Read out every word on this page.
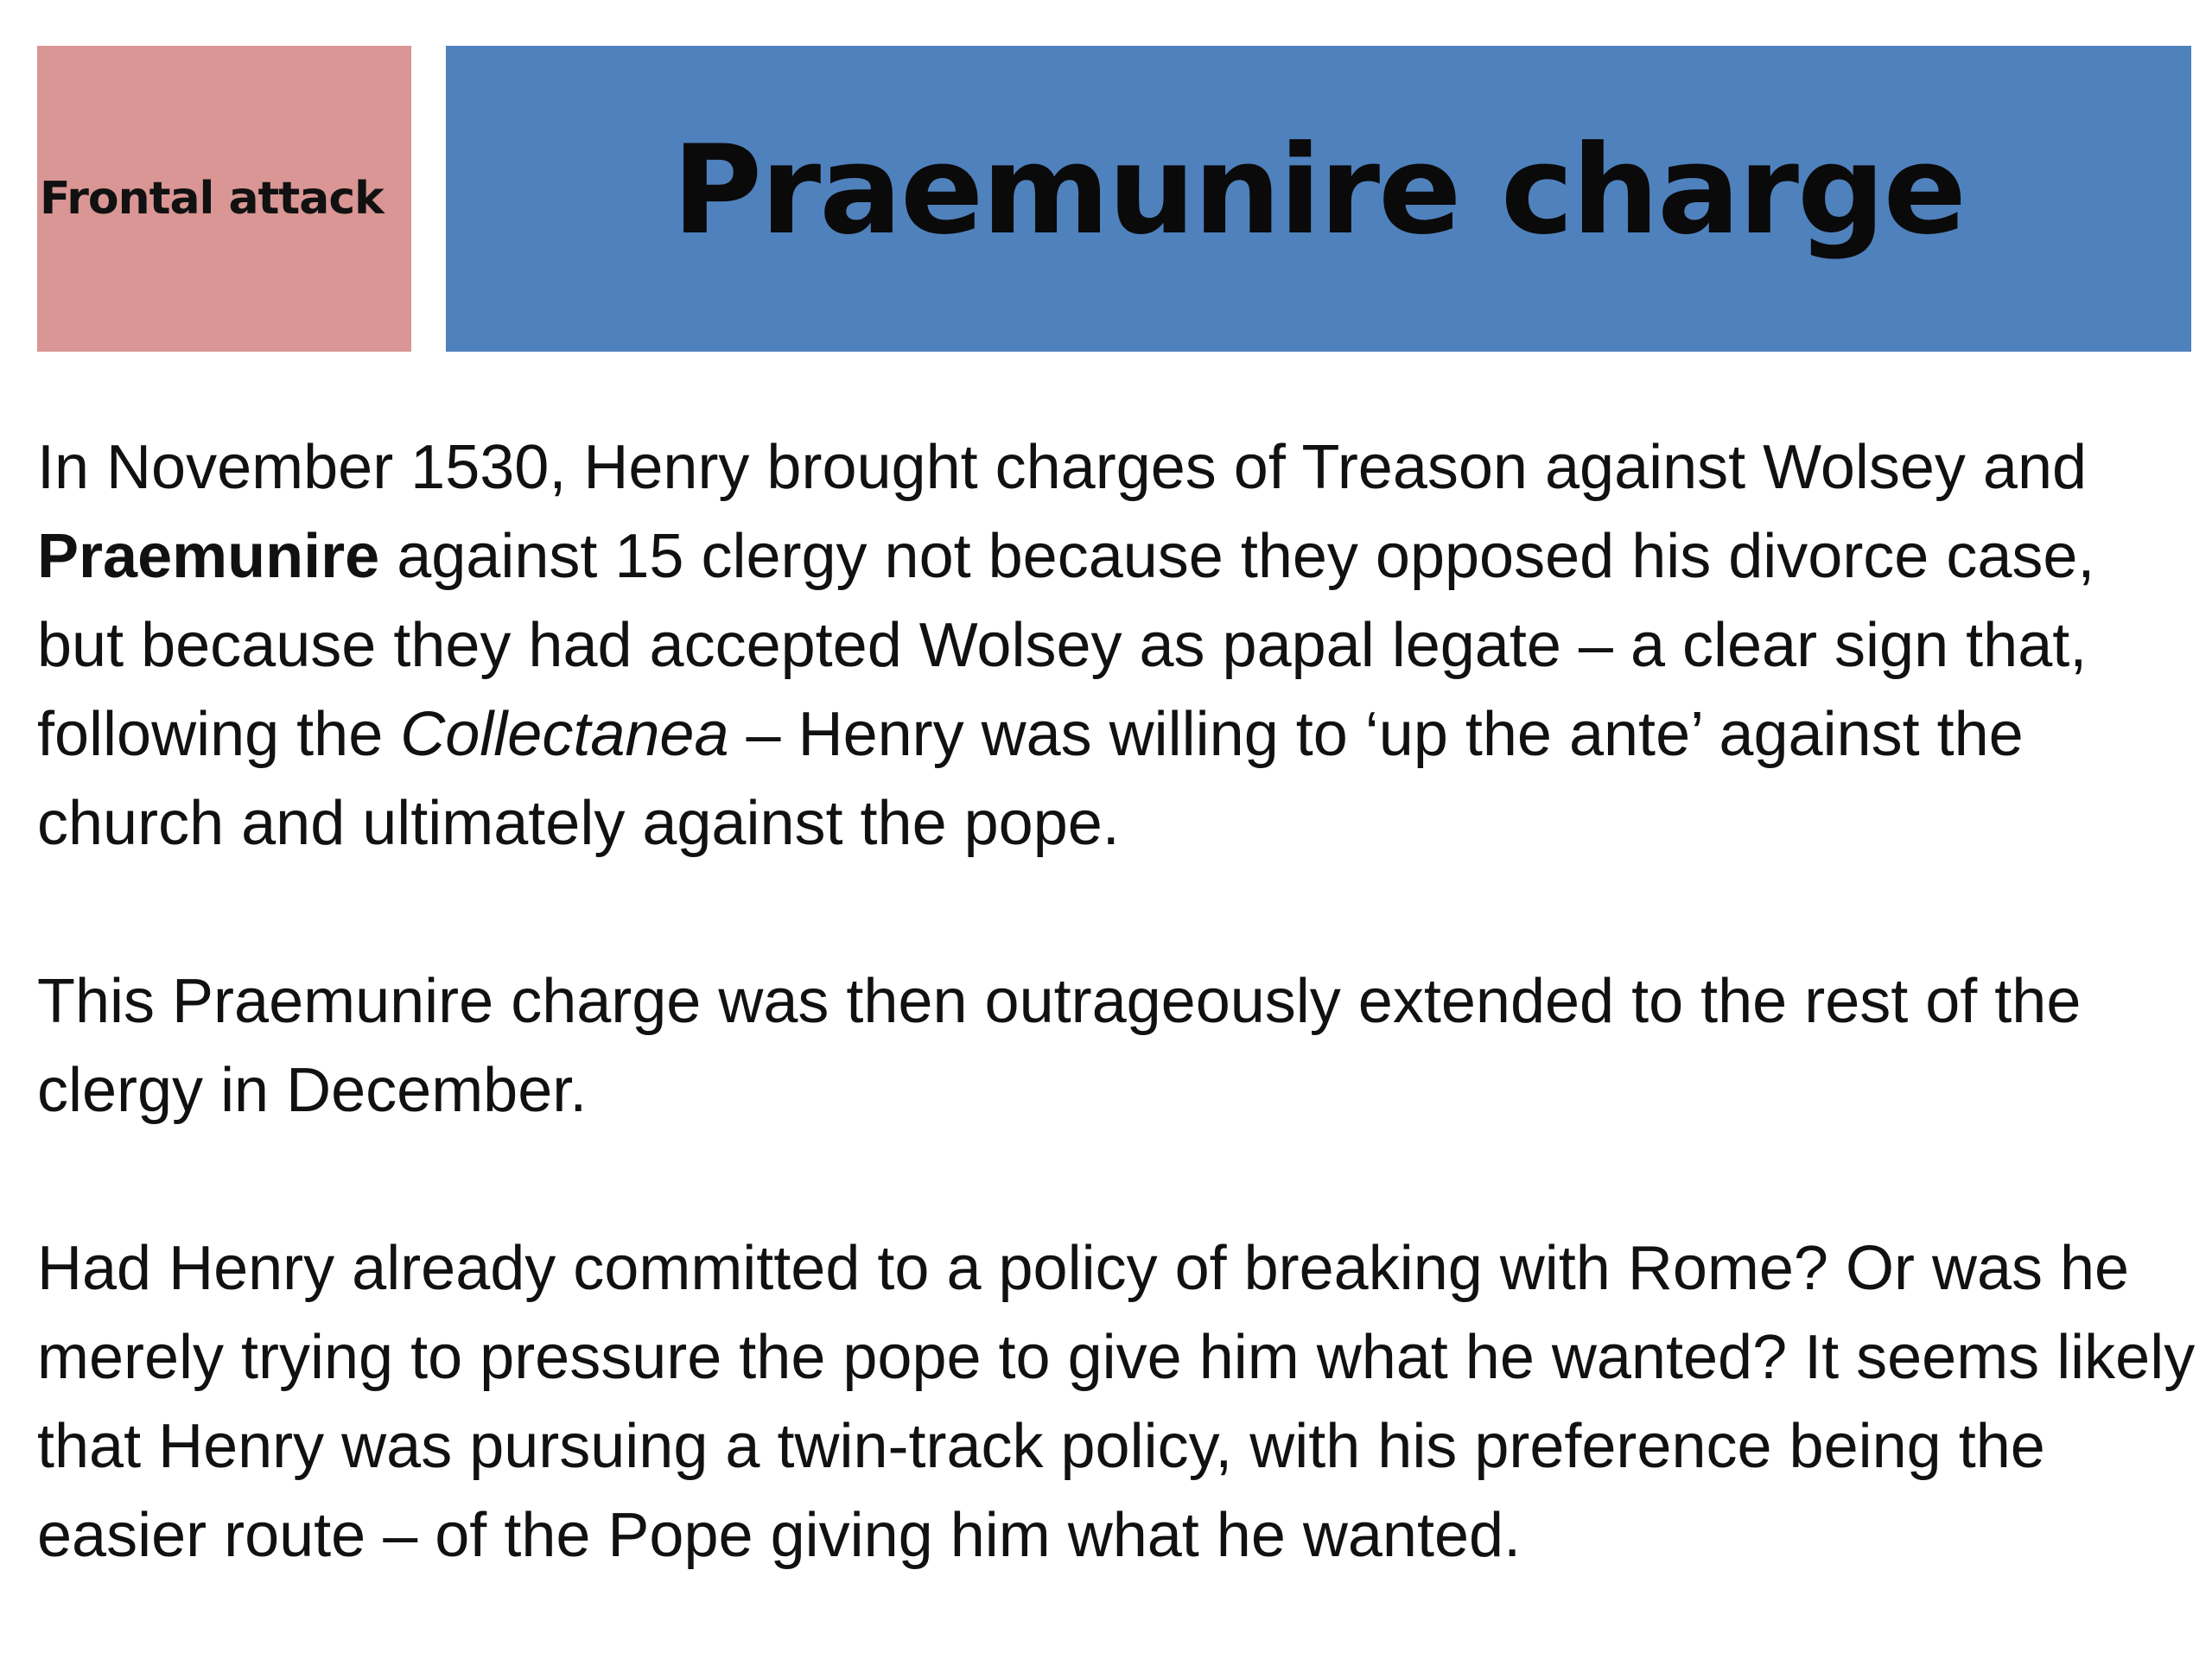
Frontal attack Praemunire charge

In November 1530, Henry brought charges of Treason against Wolsey and Praemunire against 15 clergy not because they opposed his divorce case, but because they had accepted Wolsey as papal legate – a clear sign that, following the Collectanea – Henry was willing to ‘up the ante’ against the church and ultimately against the pope.

This Praemunire charge was then outrageously extended to the rest of the clergy in December.

Had Henry already committed to a policy of breaking with Rome? Or was he merely trying to pressure the pope to give him what he wanted? It seems likely that Henry was pursuing a twin-track policy, with his preference being the easier route – of the Pope giving him what he wanted.
